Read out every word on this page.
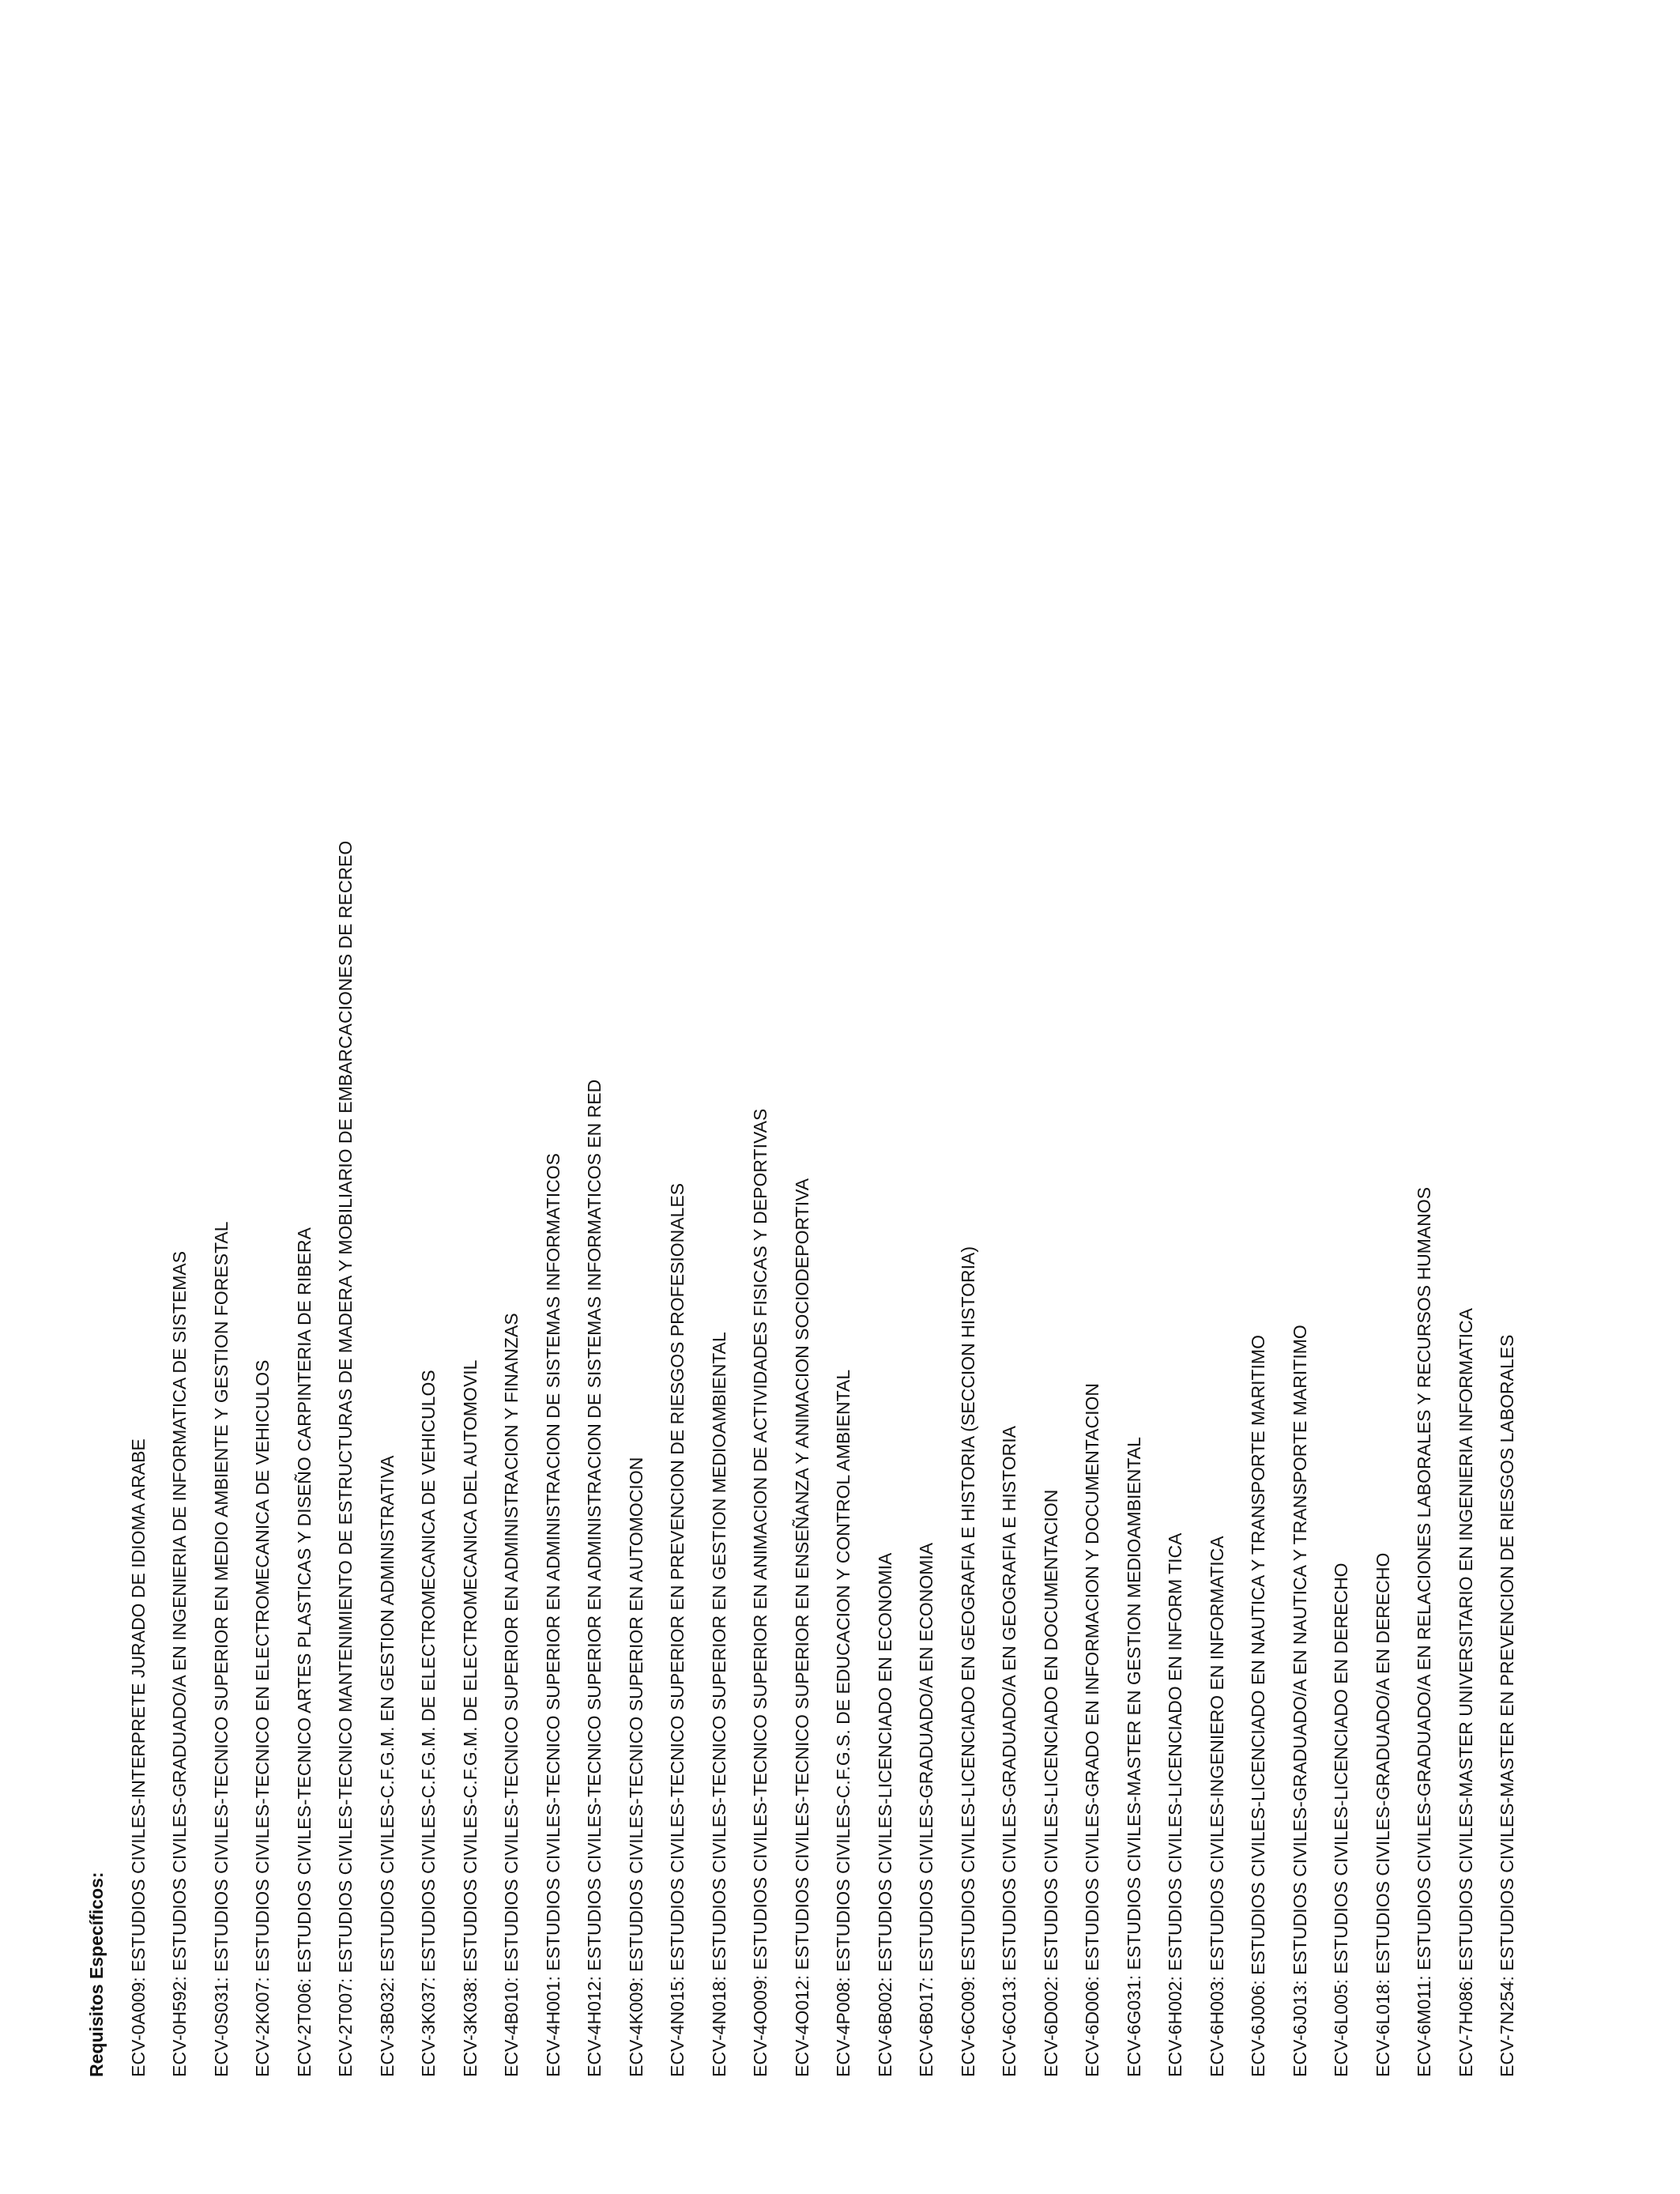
Requisitos Específicos:	ECV-0A009 : ESTUDIOS CIVILES-INTERPRETE JURADO DE IDIOMA ARABE
ECV-0H592 : ESTUDIOS CIVILES-GRADUADO/A EN INGENIERIA DE INFORMATICA DE SISTEMAS
ECV-0S031 : ESTUDIOS CIVILES-TECNICO SUPERIOR EN MEDIO AMBIENTE Y GESTION FORESTAL
ECV-2K007 : ESTUDIOS CIVILES-TECNICO EN ELECTROMECANICA DE VEHICULOS
ECV-2T006 : ESTUDIOS CIVILES-TECNICO ARTES PLASTICAS Y DISEÑO CARPINTERIA DE RIBERA
ECV-2T007 : ESTUDIOS CIVILES-TECNICO MANTENIMIENTO DE ESTRUCTURAS DE MADERA Y MOBILIARIO DE EMBARCACIONES DE RECREO
ECV-3B032 : ESTUDIOS CIVILES-C.F.G.M. EN GESTION ADMINISTRATIVA
ECV-3K037 : ESTUDIOS CIVILES-C.F.G.M. DE ELECTROMECANICA DE VEHICULOS
ECV-3K038 : ESTUDIOS CIVILES-C.F.G.M. DE ELECTROMECANICA DEL AUTOMOVIL
ECV-4B010 : ESTUDIOS CIVILES-TECNICO SUPERIOR EN ADMINISTRACION Y FINANZAS
ECV-4H001 : ESTUDIOS CIVILES-TECNICO SUPERIOR EN ADMINISTRACION DE SISTEMAS INFORMATICOS
ECV-4H012 : ESTUDIOS CIVILES-TECNICO SUPERIOR EN ADMINISTRACION DE SISTEMAS INFORMATICOS EN RED
ECV-4K009 : ESTUDIOS CIVILES-TECNICO SUPERIOR EN AUTOMOCION
ECV-4N015 : ESTUDIOS CIVILES-TECNICO SUPERIOR EN PREVENCION DE RIESGOS PROFESIONALES
ECV-4N018 : ESTUDIOS CIVILES-TECNICO SUPERIOR EN GESTION MEDIOAMBIENTAL
ECV-4O009 : ESTUDIOS CIVILES-TECNICO SUPERIOR EN ANIMACION DE ACTIVIDADES FISICAS Y DEPORTIVAS
ECV-4O012 : ESTUDIOS CIVILES-TECNICO SUPERIOR EN ENSEÑANZA Y ANIMACION SOCIODEPORTIVA
ECV-4P008 : ESTUDIOS CIVILES-C.F.G.S. DE EDUCACION Y CONTROL AMBIENTAL
ECV-6B002 : ESTUDIOS CIVILES-LICENCIADO EN ECONOMIA
ECV-6B017 : ESTUDIOS CIVILES-GRADUADO/A EN ECONOMIA
ECV-6C009 : ESTUDIOS CIVILES-LICENCIADO EN GEOGRAFIA E HISTORIA (SECCION HISTORIA)
ECV-6C013 : ESTUDIOS CIVILES-GRADUADO/A EN GEOGRAFIA E HISTORIA
ECV-6D002 : ESTUDIOS CIVILES-LICENCIADO EN DOCUMENTACION
ECV-6D006 : ESTUDIOS CIVILES-GRADO EN INFORMACION Y DOCUMENTACION
ECV-6G031 : ESTUDIOS CIVILES-MASTER EN GESTION MEDIOAMBIENTAL
ECV-6H002 : ESTUDIOS CIVILES-LICENCIADO EN INFORM TICA
ECV-6H003 : ESTUDIOS CIVILES-INGENIERO EN INFORMATICA
ECV-6J006 : ESTUDIOS CIVILES-LICENCIADO EN NAUTICA Y TRANSPORTE MARITIMO
ECV-6J013 : ESTUDIOS CIVILES-GRADUADO/A EN NAUTICA Y TRANSPORTE MARITIMO
ECV-6L005 : ESTUDIOS CIVILES-LICENCIADO EN DERECHO
ECV-6L018 : ESTUDIOS CIVILES-GRADUADO/A EN DERECHO
ECV-6M011 : ESTUDIOS CIVILES-GRADUADO/A EN RELACIONES LABORALES Y RECURSOS HUMANOS
ECV-7H086 : ESTUDIOS CIVILES-MASTER UNIVERSITARIO EN INGENIERIA INFORMATICA
ECV-7N254 : ESTUDIOS CIVILES-MASTER EN PREVENCION DE RIESGOS LABORALES
